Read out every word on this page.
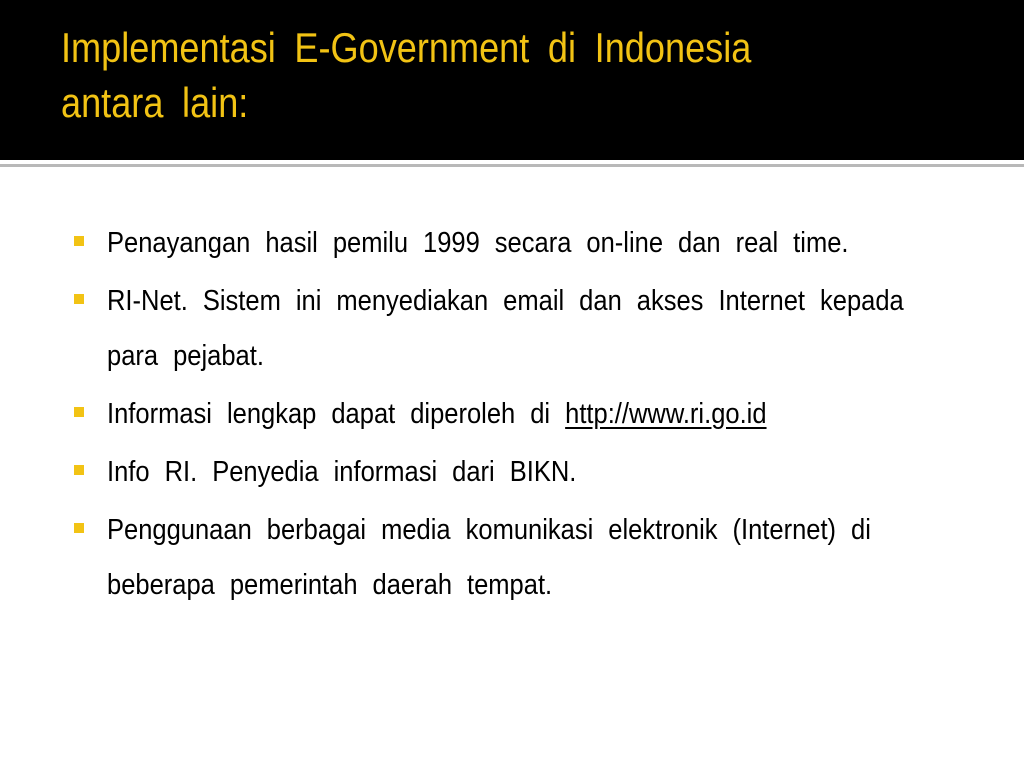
Implementasi E-Government di Indonesia antara lain:
Penayangan hasil pemilu 1999 secara on-line dan real time.
RI-Net. Sistem ini menyediakan email dan akses Internet kepada para pejabat.
Informasi lengkap dapat diperoleh di http://www.ri.go.id
Info RI. Penyedia informasi dari BIKN.
Penggunaan berbagai media komunikasi elektronik (Internet) di beberapa pemerintah daerah tempat.
